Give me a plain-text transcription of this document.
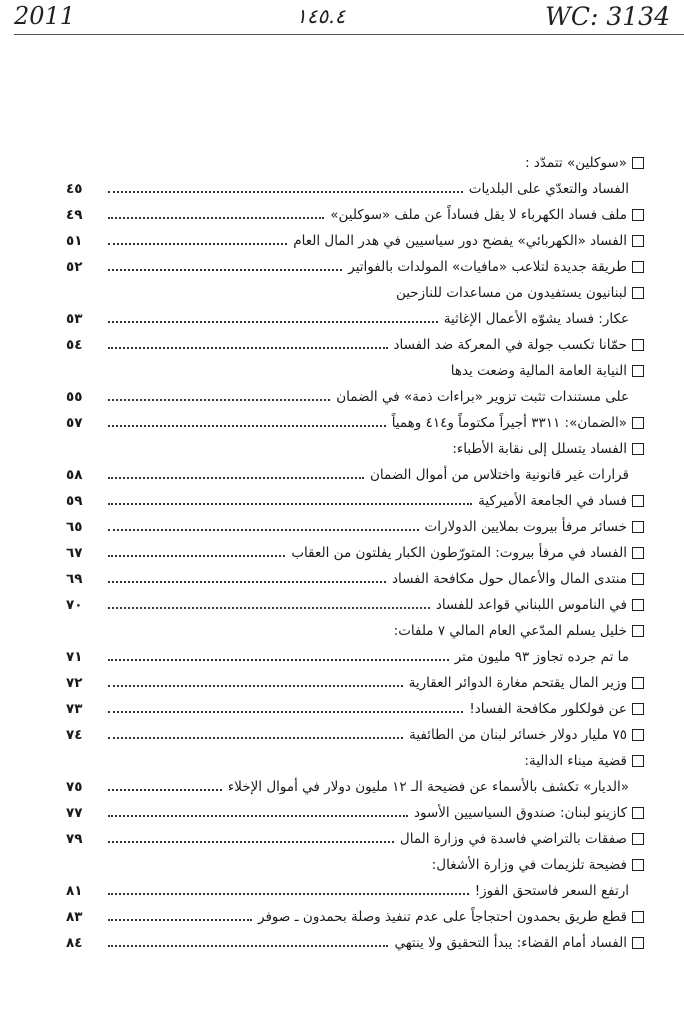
2011	١٤٥.٤	WC: 3134
«سوكلين» تتمدّد :
الفساد والتعدّي على البلديات
٤٥
ملف فساد الكهرباء لا يقل فساداً عن ملف «سوكلين»
٤٩
الفساد «الكهربائي» يفضح دور سياسيين في هدر المال العام
٥١
طريقة جديدة لتلاعب «مافيات» المولدات بالفواتير
٥٢
لبنانيون يستفيدون من مساعدات للنازحين
عكار: فساد يشوّه الأعمال الإغاثية
٥٣
حمّانا تكسب جولة في المعركة ضد الفساد
٥٤
النيابة العامة المالية وضعت يدها
على مستندات تثبت تزوير «براءات ذمة» في الضمان
٥٥
«الضمان»: ٣٣١١ أجيراً مكتوماً و٤١٤ وهمياً
٥٧
الفساد يتسلل إلى نقابة الأطباء:
قرارات غير قانونية واختلاس من أموال الضمان
٥٨
فساد في الجامعة الأميركية
٥٩
خسائر مرفأ بيروت بملايين الدولارات
٦٥
الفساد في مرفأ بيروت: المتورّطون الكبار يفلتون من العقاب
٦٧
منتدى المال والأعمال حول مكافحة الفساد
٦٩
في الناموس اللبناني قواعد للفساد
٧٠
خليل يسلم المدّعي العام المالي ٧ ملفات:
ما تم جرده تجاوز ٩٣ مليون متر
٧١
وزير المال يقتحم مغارة الدوائر العقارية
٧٢
عن فولكلور مكافحة الفساد!
٧٣
٧٥ مليار دولار خسائر لبنان من الطائفية
٧٤
قضية ميناء الدالية:
«الديار» تكشف بالأسماء عن فضيحة الـ ١٢ مليون دولار في أموال الإخلاء
٧٥
كازينو لبنان: صندوق السياسيين الأسود
٧٧
صفقات بالتراضي فاسدة في وزارة المال
٧٩
فضيحة تلزيمات في وزارة الأشغال:
ارتفع السعر فاستحق الفوز!
٨١
قطع طريق بحمدون احتجاجاً على عدم تنفيذ وصلة بحمدون ـ صوفر
٨٣
الفساد أمام القضاء: يبدأ التحقيق ولا ينتهي
٨٤
